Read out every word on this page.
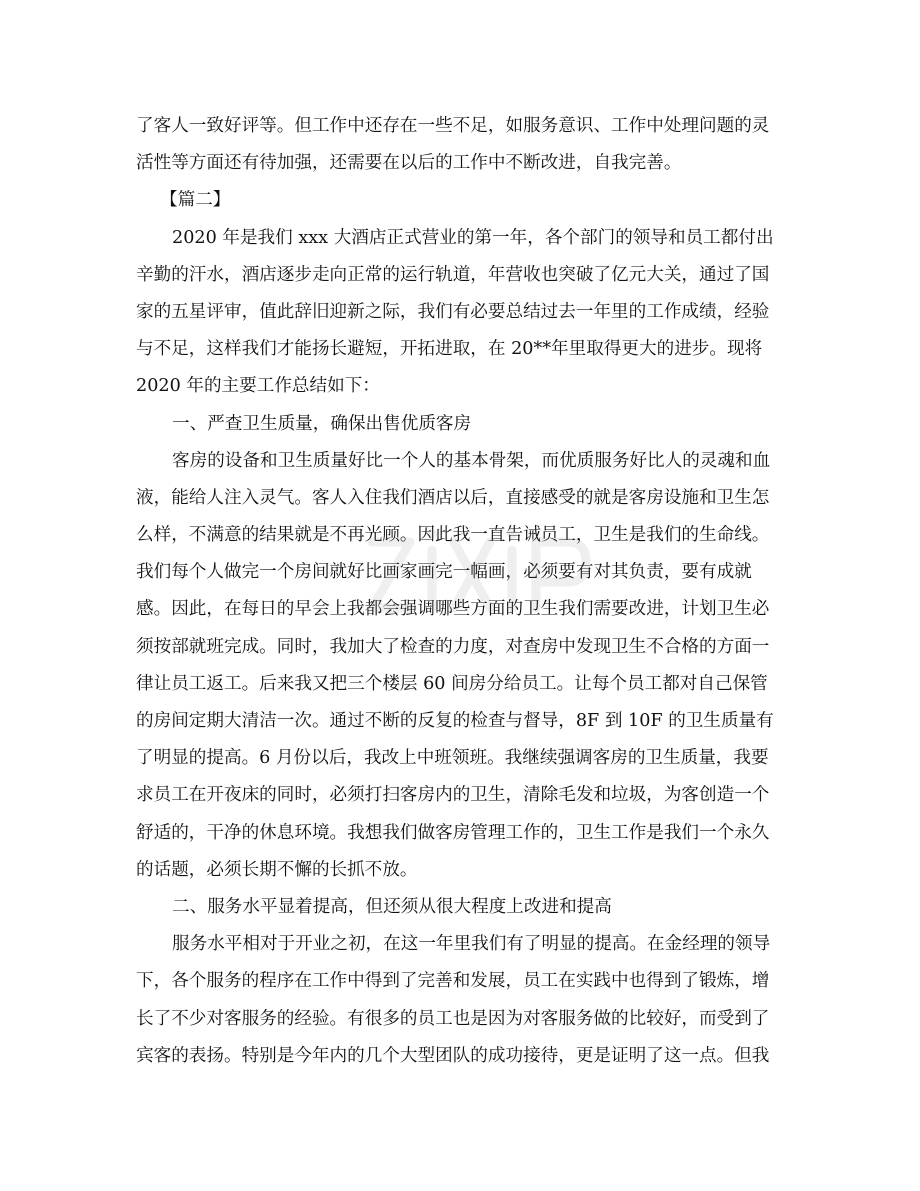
了客人一致好评等。但工作中还存在一些不足，如服务意识、工作中处理问题的灵
活性等方面还有待加强，还需要在以后的工作中不断改进，自我完善。
【篇二】
2020 年是我们 xxx 大酒店正式营业的第一年，各个部门的领导和员工都付出
辛勤的汗水，酒店逐步走向正常的运行轨道，年营收也突破了亿元大关，通过了国
家的五星评审，值此辞旧迎新之际，我们有必要总结过去一年里的工作成绩，经验
与不足，这样我们才能扬长避短，开拓进取，在 20**年里取得更大的进步。现将
2020 年的主要工作总结如下：
一、严查卫生质量，确保出售优质客房
客房的设备和卫生质量好比一个人的基本骨架，而优质服务好比人的灵魂和血
液，能给人注入灵气。客人入住我们酒店以后，直接感受的就是客房设施和卫生怎
么样，不满意的结果就是不再光顾。因此我一直告诫员工，卫生是我们的生命线。
我们每个人做完一个房间就好比画家画完一幅画，必须要有对其负责，要有成就
感。因此，在每日的早会上我都会强调哪些方面的卫生我们需要改进，计划卫生必
须按部就班完成。同时，我加大了检查的力度，对查房中发现卫生不合格的方面一
律让员工返工。后来我又把三个楼层 60 间房分给员工。让每个员工都对自己保管
的房间定期大清洁一次。通过不断的反复的检查与督导，8F 到 10F 的卫生质量有
了明显的提高。6 月份以后，我改上中班领班。我继续强调客房的卫生质量，我要
求员工在开夜床的同时，必须打扫客房内的卫生，清除毛发和垃圾，为客创造一个
舒适的，干净的休息环境。我想我们做客房管理工作的，卫生工作是我们一个永久
的话题，必须长期不懈的长抓不放。
二、服务水平显着提高，但还须从很大程度上改进和提高
服务水平相对于开业之初，在这一年里我们有了明显的提高。在金经理的领导
下，各个服务的程序在工作中得到了完善和发展，员工在实践中也得到了锻炼，增
长了不少对客服务的经验。有很多的员工也是因为对客服务做的比较好，而受到了
宾客的表扬。特别是今年内的几个大型团队的成功接待，更是证明了这一点。但我
